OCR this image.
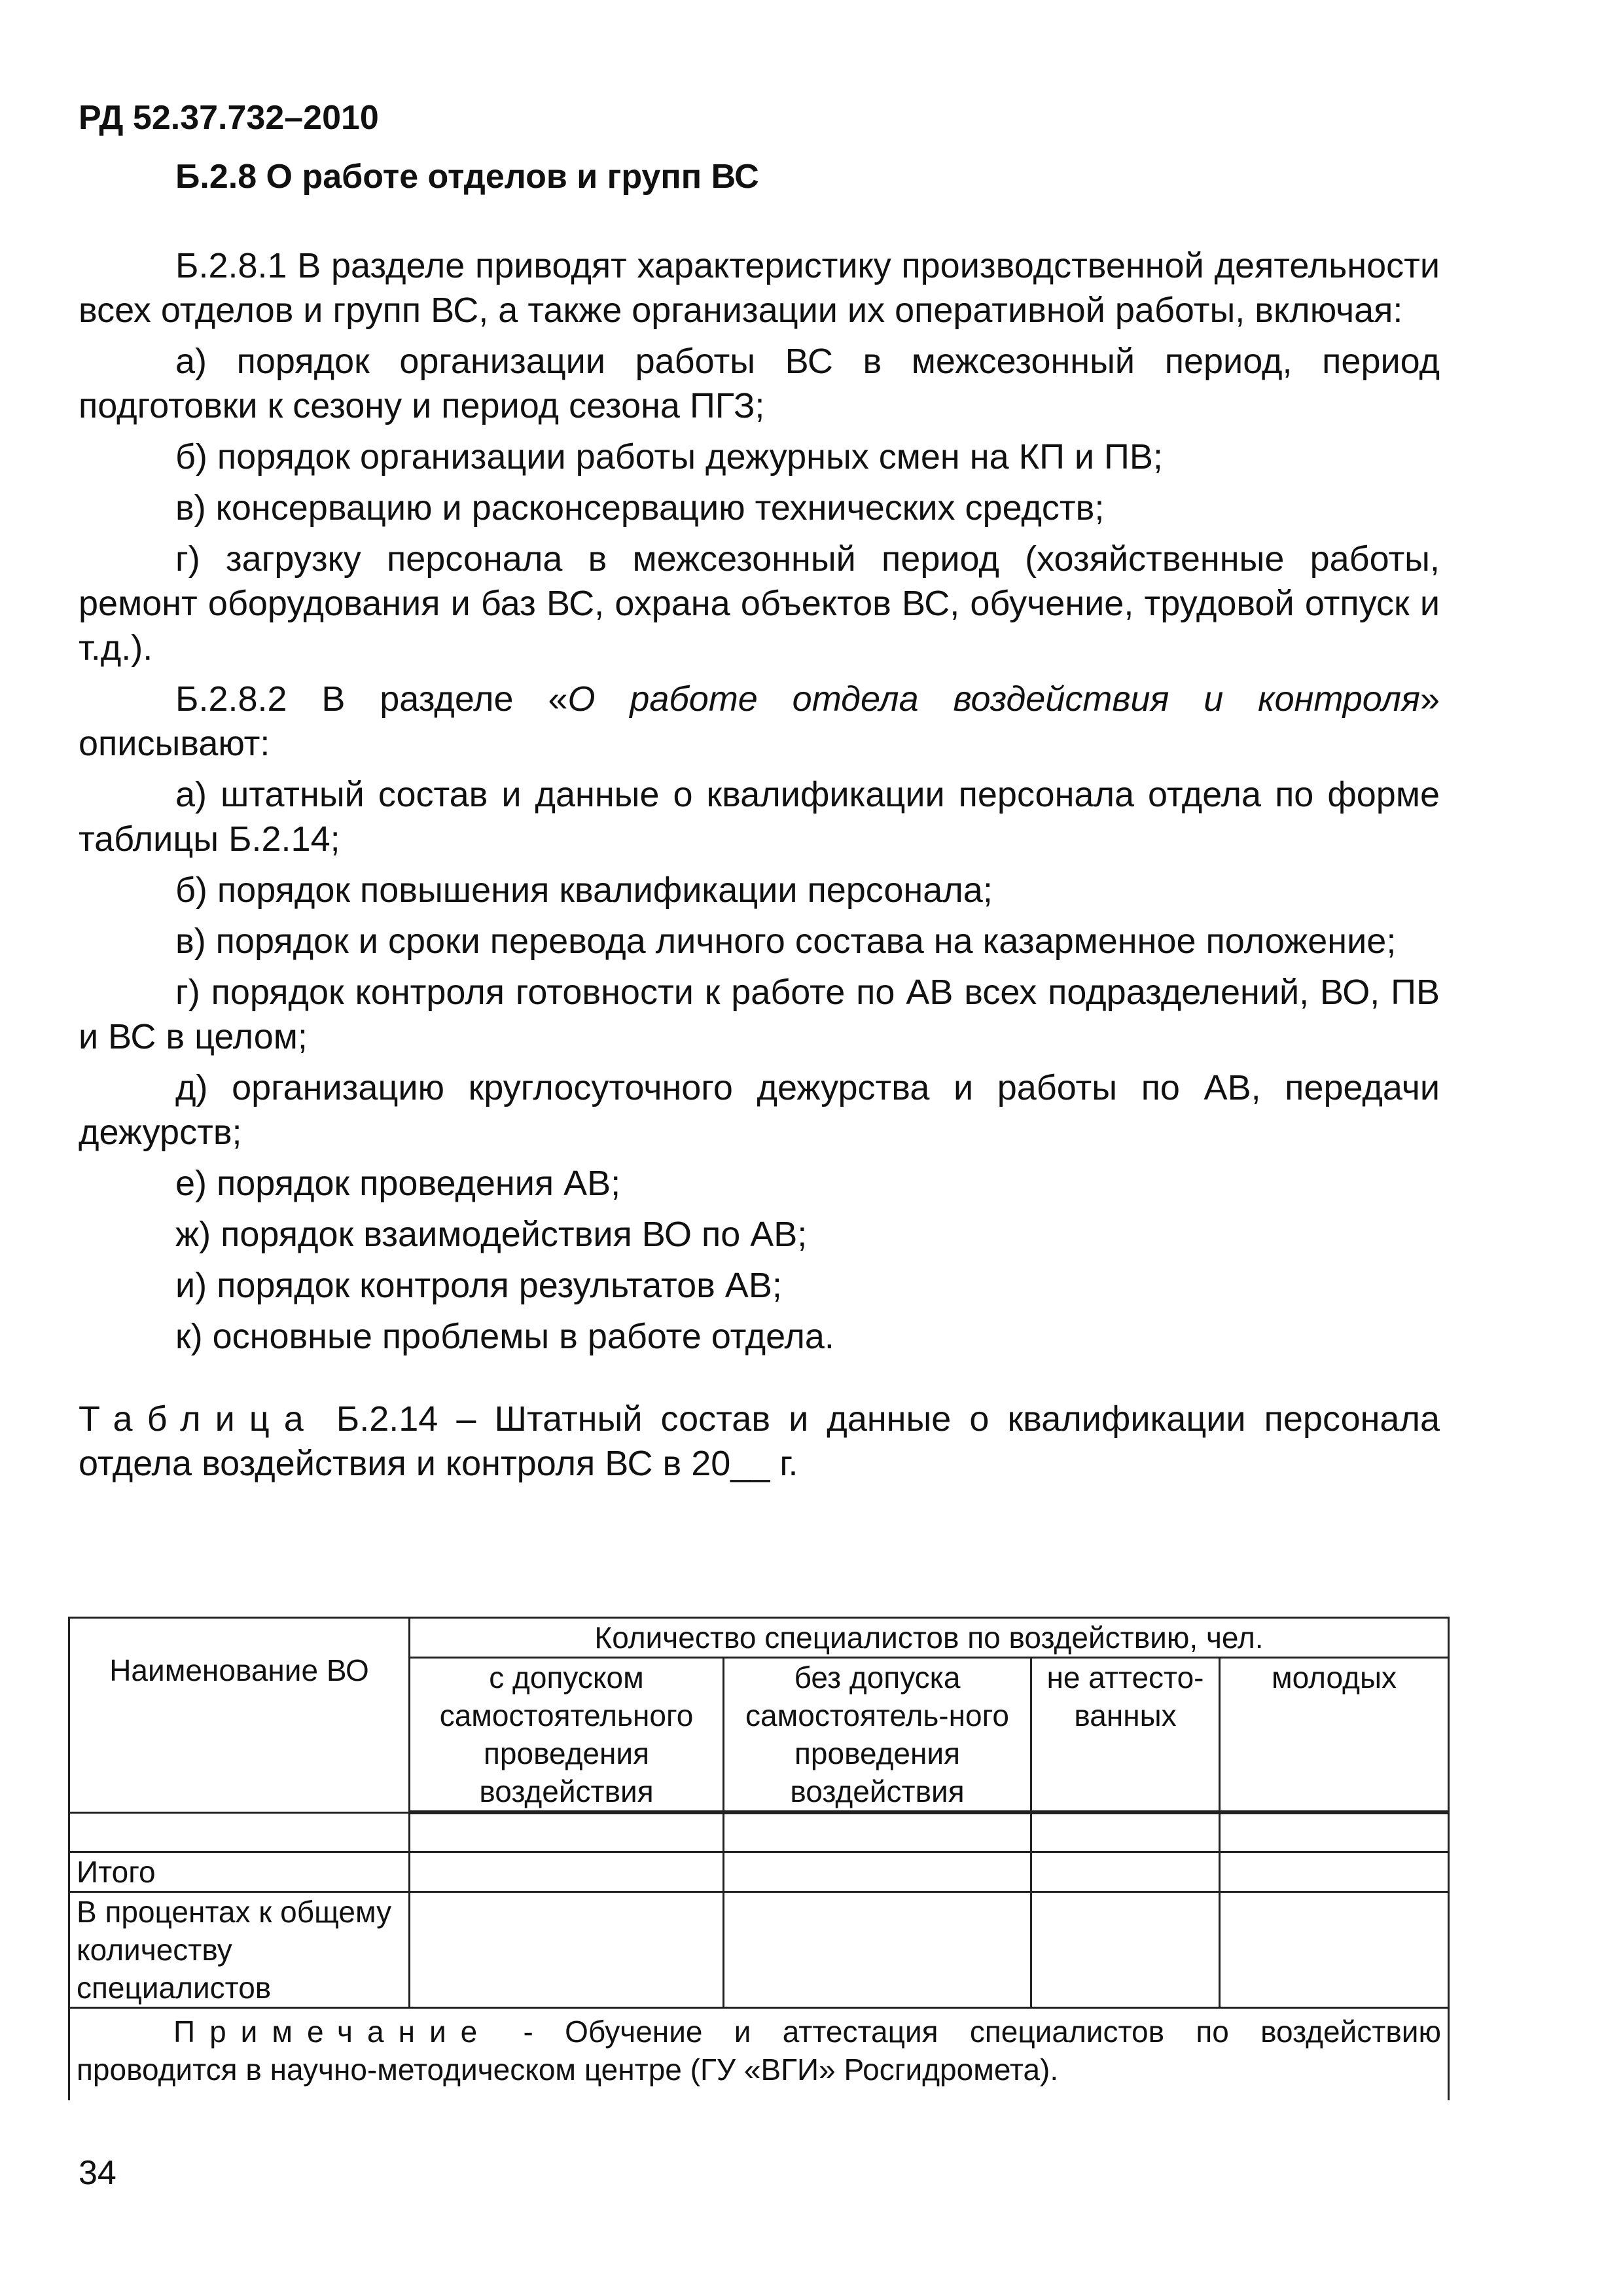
РД 52.37.732–2010
Б.2.8 О работе отделов и групп ВС

Б.2.8.1 В разделе приводят характеристику производственной деятельности всех отделов и групп ВС, а также организации их оперативной работы, включая:

а) порядок организации работы ВС в межсезонный период, период подготовки к сезону и период сезона ПГЗ;

б) порядок организации работы дежурных смен на КП и ПВ;

в) консервацию и расконсервацию технических средств;

г) загрузку персонала в межсезонный период (хозяйственные работы, ремонт оборудования и баз ВС, охрана объектов ВС, обучение, трудовой отпуск и т.д.).

Б.2.8.2 В разделе «О работе отдела воздействия и контроля» описывают:

а) штатный состав и данные о квалификации персонала отдела по форме таблицы Б.2.14;

б) порядок повышения квалификации персонала;

в) порядок и сроки перевода личного состава на казарменное положение;

г) порядок контроля готовности к работе по АВ всех подразделений, ВО, ПВ и ВС в целом;

д) организацию круглосуточного дежурства и работы по АВ, передачи дежурств;

е) порядок проведения АВ;

ж) порядок взаимодействия ВО по АВ;

и) порядок контроля результатов АВ;

к) основные проблемы в работе отдела.

Таблица Б.2.14 – Штатный состав и данные о квалификации персонала отдела воздействия и контроля ВС в 20__ г.

Наименование ВО	Количество специалистов по воздействию, чел.			
	с допуском самостоятельного проведения воздействия	без допуска самостоятель-ного проведения воздействия	не аттесто-ванных	молодых

Итого				
В процентах к общему количеству специалистов				
Примечание - Обучение и аттестация специалистов по воздействию проводится в научно-методическом центре (ГУ «ВГИ» Росгидромета).				
34
